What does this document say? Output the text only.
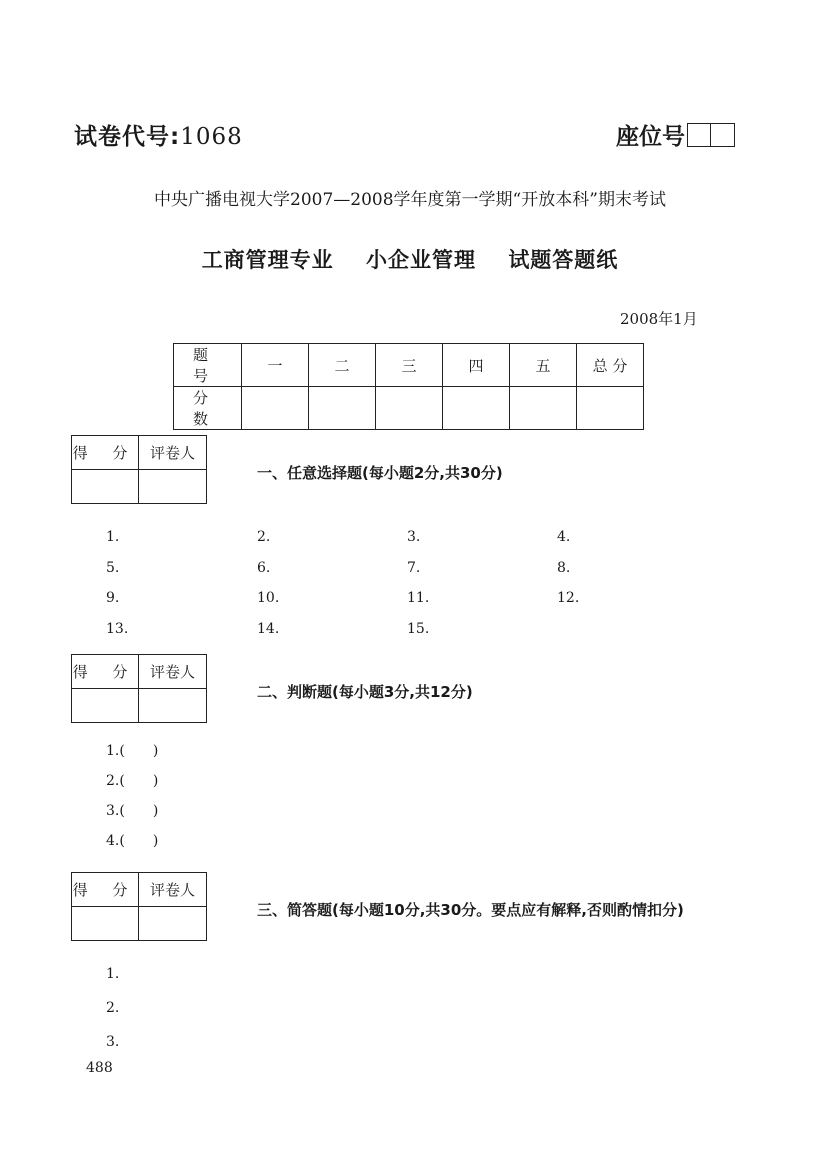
试卷代号:1068	座位号
中央广播电视大学2007—2008学年度第一学期“开放本科”期末考试
工商管理专业 小企业管理 试题答题纸
2008年1月
题 号	一	二	三	四	五	总 分
分 数						
得 分	评卷人

一、任意选择题(每小题2分,共30分)
1.	2.	3.	4.
5.	6.	7.	8.
9.	10.	11.	12.
13.	14.	15.
得 分	评卷人

二、判断题(每小题3分,共12分)
1.(　　)
2.(　　)
3.(　　)
4.(　　)
得 分	评卷人

三、简答题(每小题10分,共30分。要点应有解释,否则酌情扣分)
1.
2.
3.
488
